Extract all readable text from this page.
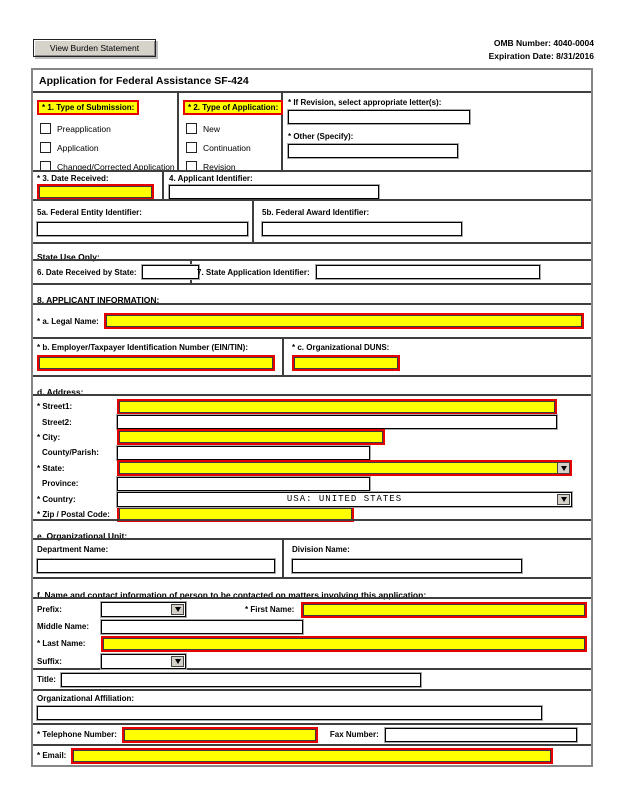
View Burden Statement	OMB Number: 4040-0004
Expiration Date: 8/31/2016
Application for Federal Assistance SF-424
* 1. Type of Submission:
Preapplication
Application
Changed/Corrected Application
* 2. Type of Application:
New
Continuation
Revision
* If Revision, select appropriate letter(s):
* Other (Specify):
* 3. Date Received:	4. Applicant Identifier:
5a. Federal Entity Identifier:	5b. Federal Award Identifier:
State Use Only:
6. Date Received by State:	7. State Application Identifier:
8. APPLICANT INFORMATION:
* a. Legal Name:
* b. Employer/Taxpayer Identification Number (EIN/TIN):	* c. Organizational DUNS:
d. Address:
* Street1:
Street2:
* City:
County/Parish:
* State:
Province:
* Country:	USA: UNITED STATES
* Zip / Postal Code:
e. Organizational Unit:
Department Name:	Division Name:
f. Name and contact information of person to be contacted on matters involving this application:
Prefix:	* First Name:
Middle Name:
* Last Name:
Suffix:
Title:
Organizational Affiliation:
* Telephone Number:	Fax Number:
* Email:
